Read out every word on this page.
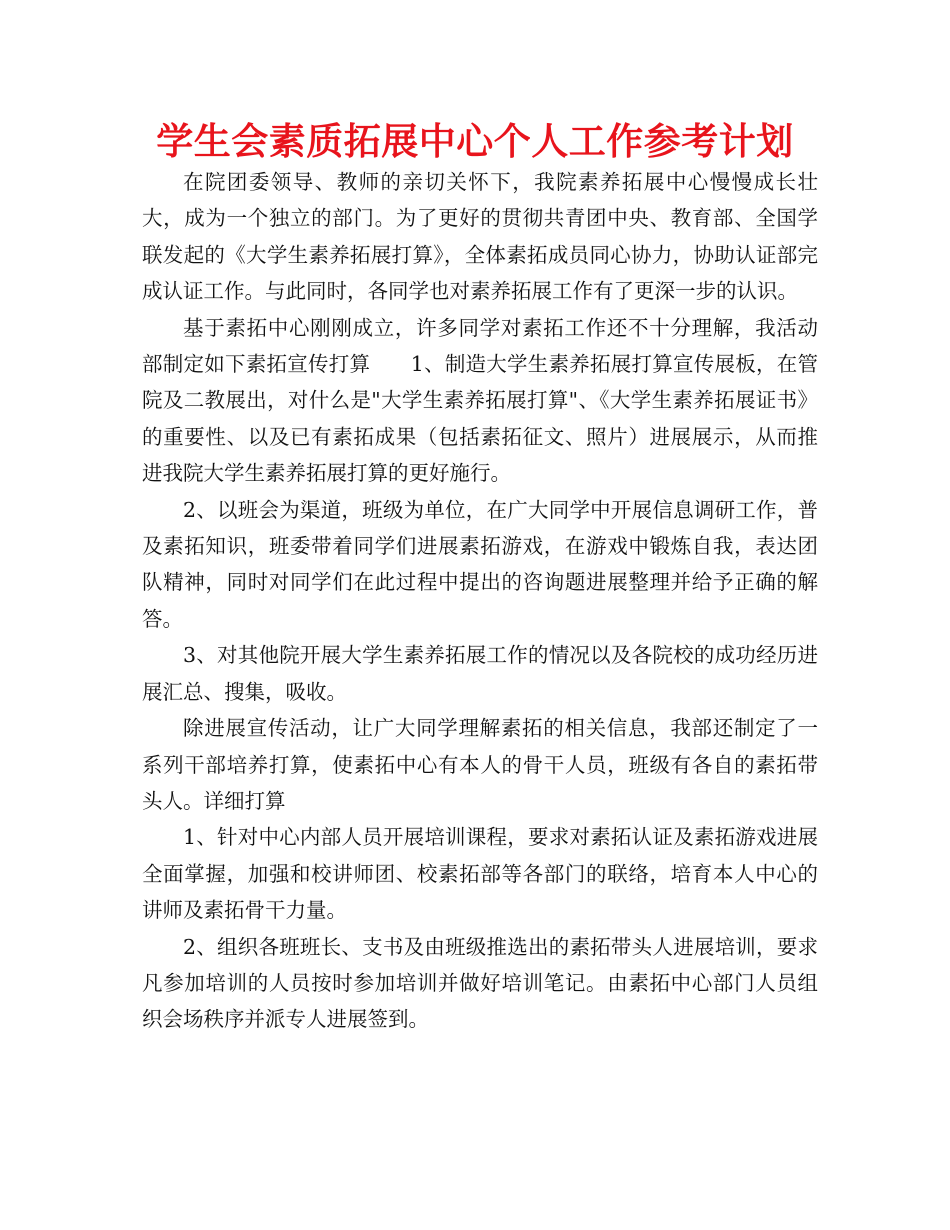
学生会素质拓展中心个人工作参考计划

在院团委领导、教师的亲切关怀下，我院素养拓展中心慢慢成长壮大，成为一个独立的部门。为了更好的贯彻共青团中央、教育部、全国学联发起的《大学生素养拓展打算》，全体素拓成员同心协力，协助认证部完成认证工作。与此同时，各同学也对素养拓展工作有了更深一步的认识。

基于素拓中心刚刚成立，许多同学对素拓工作还不十分理解，我活动部制定如下素拓宣传打算      1、制造大学生素养拓展打算宣传展板，在管院及二教展出，对什么是"大学生素养拓展打算"、《大学生素养拓展证书》的重要性、以及已有素拓成果（包括素拓征文、照片）进展展示，从而推进我院大学生素养拓展打算的更好施行。

2、以班会为渠道，班级为单位，在广大同学中开展信息调研工作，普及素拓知识，班委带着同学们进展素拓游戏，在游戏中锻炼自我，表达团队精神，同时对同学们在此过程中提出的咨询题进展整理并给予正确的解答。

3、对其他院开展大学生素养拓展工作的情况以及各院校的成功经历进展汇总、搜集，吸收。

除进展宣传活动，让广大同学理解素拓的相关信息，我部还制定了一系列干部培养打算，使素拓中心有本人的骨干人员，班级有各自的素拓带头人。详细打算

1、针对中心内部人员开展培训课程，要求对素拓认证及素拓游戏进展全面掌握，加强和校讲师团、校素拓部等各部门的联络，培育本人中心的讲师及素拓骨干力量。

2、组织各班班长、支书及由班级推选出的素拓带头人进展培训，要求凡参加培训的人员按时参加培训并做好培训笔记。由素拓中心部门人员组织会场秩序并派专人进展签到。
